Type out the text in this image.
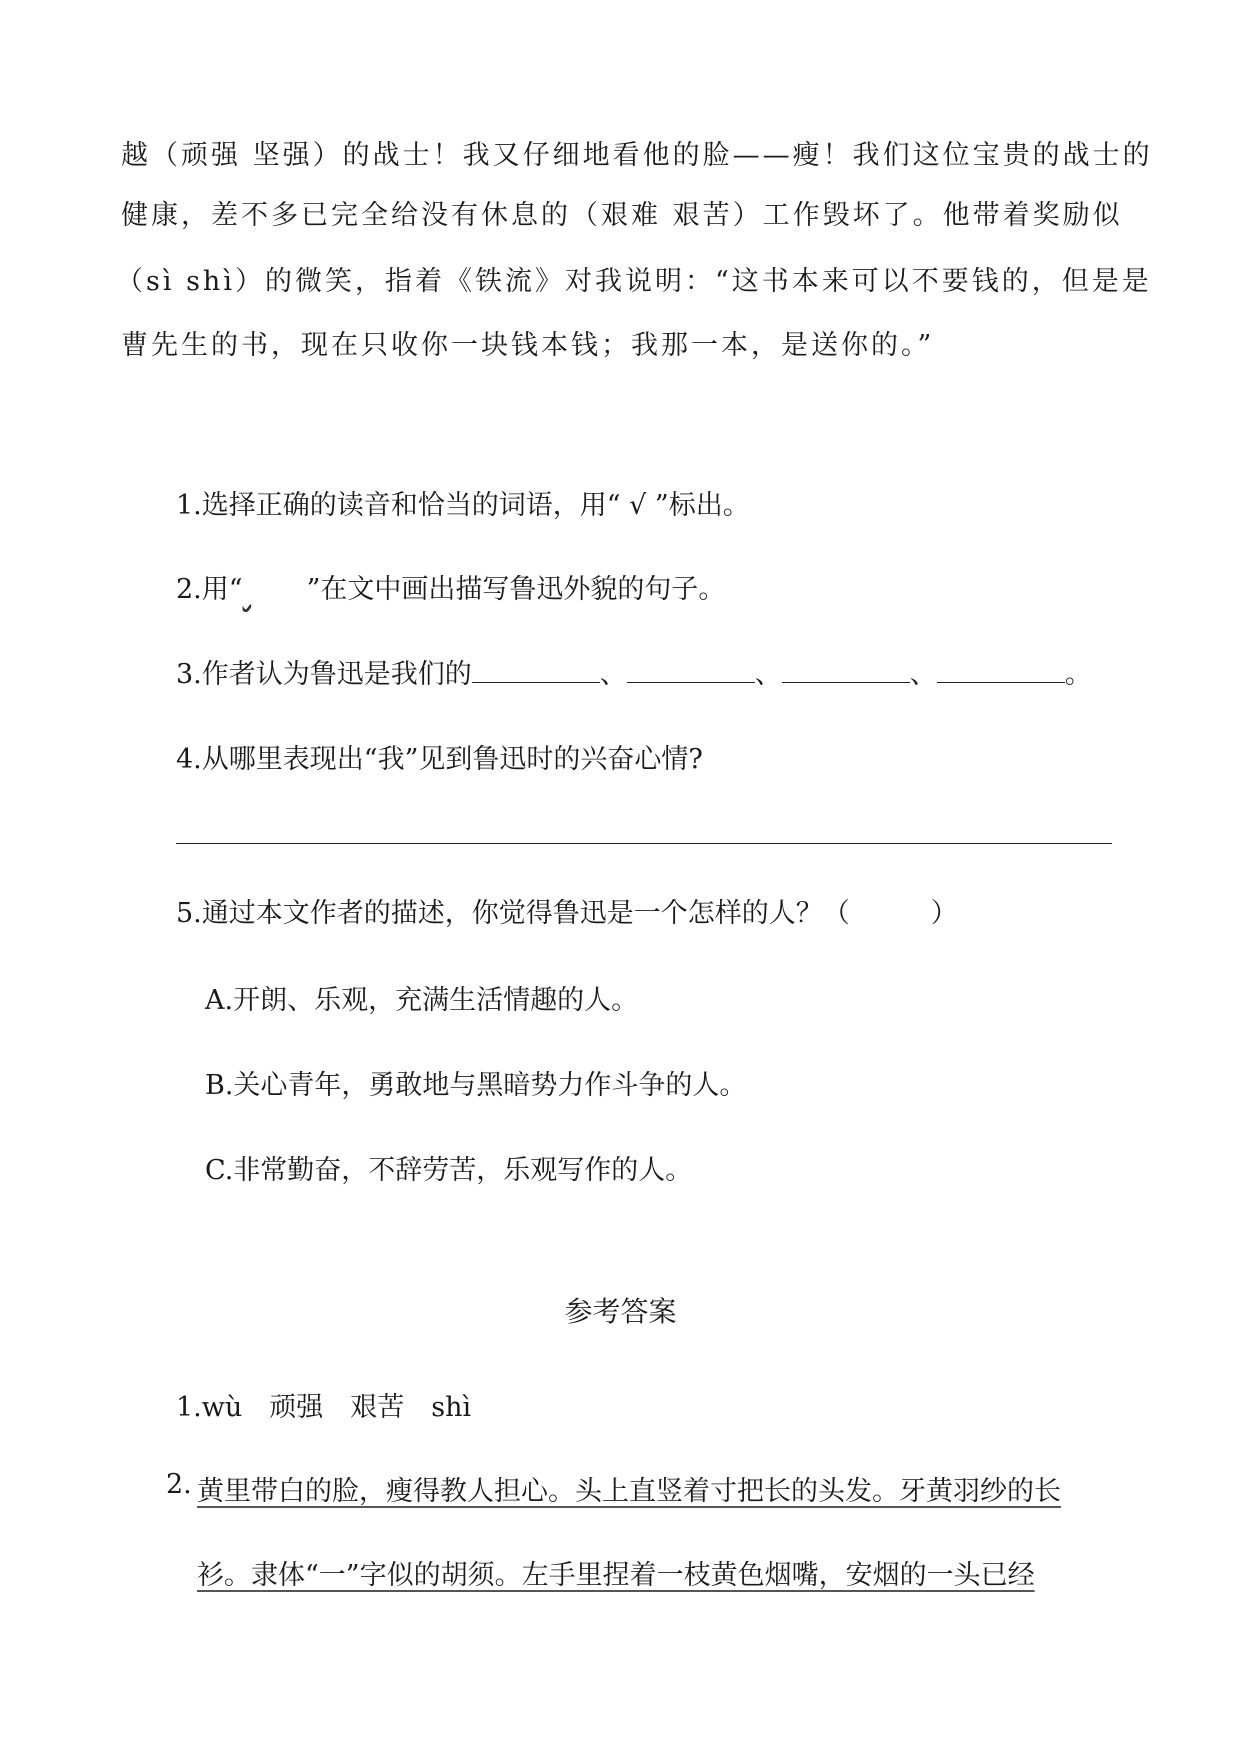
越（顽强 坚强）的战士！我又仔细地看他的脸——瘦！我们这位宝贵的战士的
健康，差不多已完全给没有休息的（艰难 艰苦）工作毁坏了。他带着奖励似
（sì shì）的微笑，指着《铁流》对我说明：“这书本来可以不要钱的，但是是
曹先生的书，现在只收你一块钱本钱；我那一本，是送你的。”
1.选择正确的读音和恰当的词语，用“ √ ”标出。
2.用“ ”在文中画出描写鲁迅外貌的句子。
3.作者认为鲁迅是我们的	、	、	、	。
4.从哪里表现出“我”见到鲁迅时的兴奋心情?
5.通过本文作者的描述，你觉得鲁迅是一个怎样的人？（　　　）
A.开朗、乐观，充满生活情趣的人。
B.关心青年，勇敢地与黑暗势力作斗争的人。
C.非常勤奋，不辞劳苦，乐观写作的人。
参考答案
1.wù　顽强　艰苦　shì
2. 黄里带白的脸，瘦得教人担心。头上直竖着寸把长的头发。牙黄羽纱的长
衫。隶体“一”字似的胡须。左手里捏着一枝黄色烟嘴，安烟的一头已经
